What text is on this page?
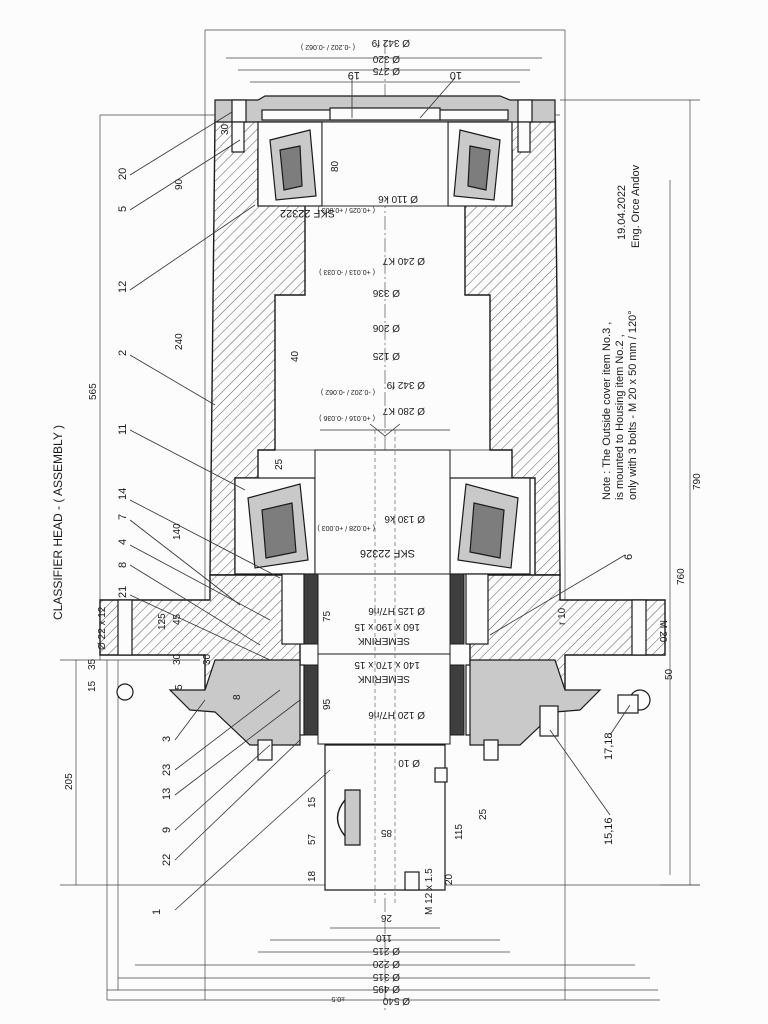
CLASSIFIER HEAD - ( ASSEMBLY )
Note : The Outside cover item No.3 , is mounted to Housing item No.2 , only with 3 bolts - M 20 x 50 mm / 120°
19.04.2022 Eng. Orce Andov
SKF 22322
SKF 22326
SEMERINK
160 x 190 x 15
SEMERINK
140 x 170 x 15
Ø 342 f9
( -0.202 / -0.062 )
Ø 320
Ø 275
Ø 110 k6
( +0.025 / +0.003 )
Ø 240 K7
( +0.013 / -0.033 )
Ø 336
Ø 206
Ø 125
Ø 342 f9
( -0.202 / -0.062 )
Ø 280 K7
( +0.016 / -0.036 )
Ø 130 k6
( +0.028 / +0.003 )
Ø 125 H7/n6
Ø 120 H7/n6
Ø 10
85
26
M 12 x 1.5
110
Ø 215
Ø 220
Ø 315
Ø 495
Ø 540
±0.5
Ø 22 x 12	M 20
r 10
565
790
760
205
240
90
30
140
125 45
30
35
15	5
30
8
80
40
25
75
95
15
57
18
115
25
20
50
20
5
12
2
11
14
7
4
8
21
3
23
13
9
22
1
19	10
6
17,18
15,16
